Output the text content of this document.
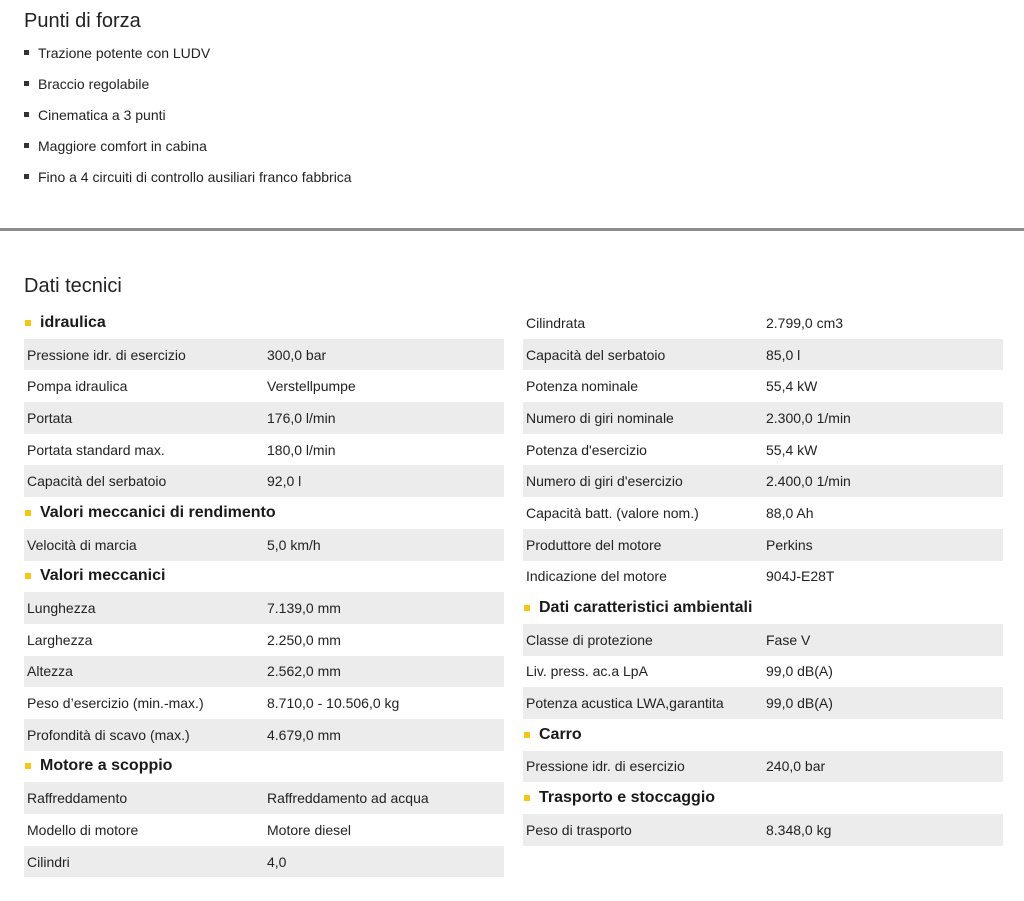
Punti di forza
Trazione potente con LUDV
Braccio regolabile
Cinematica a 3 punti
Maggiore comfort in cabina
Fino a 4 circuiti di controllo ausiliari franco fabbrica
Dati tecnici
idraulica
Pressione idr. di esercizio	300,0 bar
Pompa idraulica	Verstellpumpe
Portata	176,0 l/min
Portata standard max.	180,0 l/min
Capacità del serbatoio	92,0 l
Valori meccanici di rendimento
Velocità di marcia	5,0 km/h
Valori meccanici
Lunghezza	7.139,0 mm
Larghezza	2.250,0 mm
Altezza	2.562,0 mm
Peso d’esercizio (min.-max.)	8.710,0 - 10.506,0 kg
Profondità di scavo (max.)	4.679,0 mm
Motore a scoppio
Raffreddamento	Raffreddamento ad acqua
Modello di motore	Motore diesel
Cilindri	4,0
Cilindrata	2.799,0 cm3
Capacità del serbatoio	85,0 l
Potenza nominale	55,4 kW
Numero di giri nominale	2.300,0 1/min
Potenza d'esercizio	55,4 kW
Numero di giri d'esercizio	2.400,0 1/min
Capacità batt. (valore nom.)	88,0 Ah
Produttore del motore	Perkins
Indicazione del motore	904J-E28T
Dati caratteristici ambientali
Classe di protezione	Fase V
Liv. press. ac.a LpA	99,0 dB(A)
Potenza acustica LWA,garantita	99,0 dB(A)
Carro
Pressione idr. di esercizio	240,0 bar
Trasporto e stoccaggio
Peso di trasporto	8.348,0 kg
